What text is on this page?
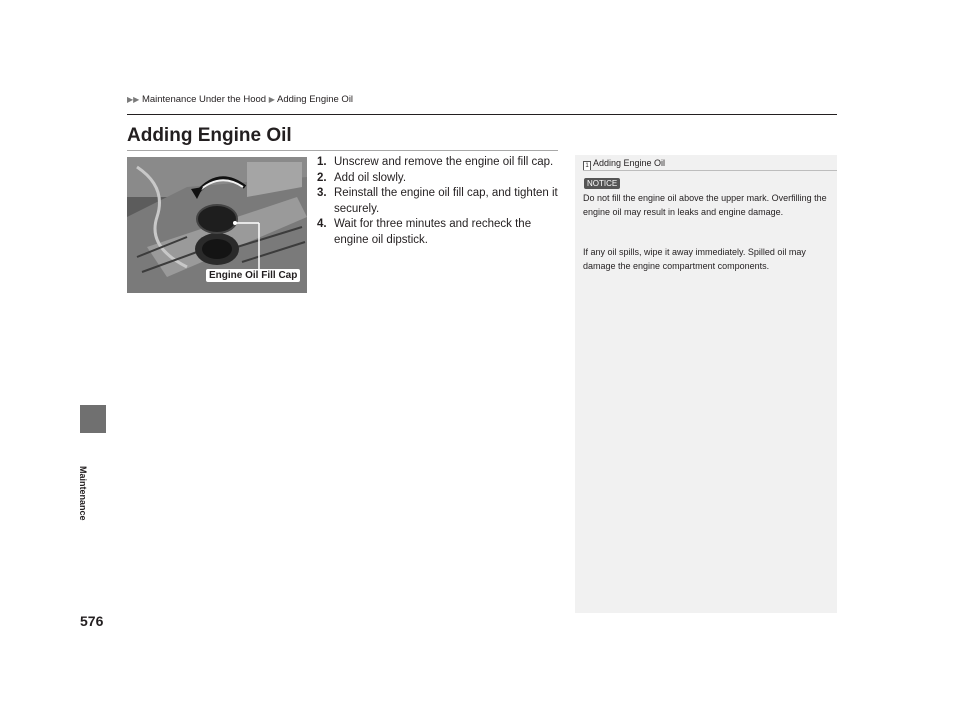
▶▶ Maintenance Under the Hood ▶ Adding Engine Oil
Adding Engine Oil
Engine Oil Fill Cap
1. Unscrew and remove the engine oil fill cap.
2. Add oil slowly.
3. Reinstall the engine oil fill cap, and tighten it securely.
4. Wait for three minutes and recheck the engine oil dipstick.
1 Adding Engine Oil
NOTICE

Do not fill the engine oil above the upper mark. Overfilling the engine oil may result in leaks and engine damage.

If any oil spills, wipe it away immediately. Spilled oil may damage the engine compartment components.

Maintenance
576
